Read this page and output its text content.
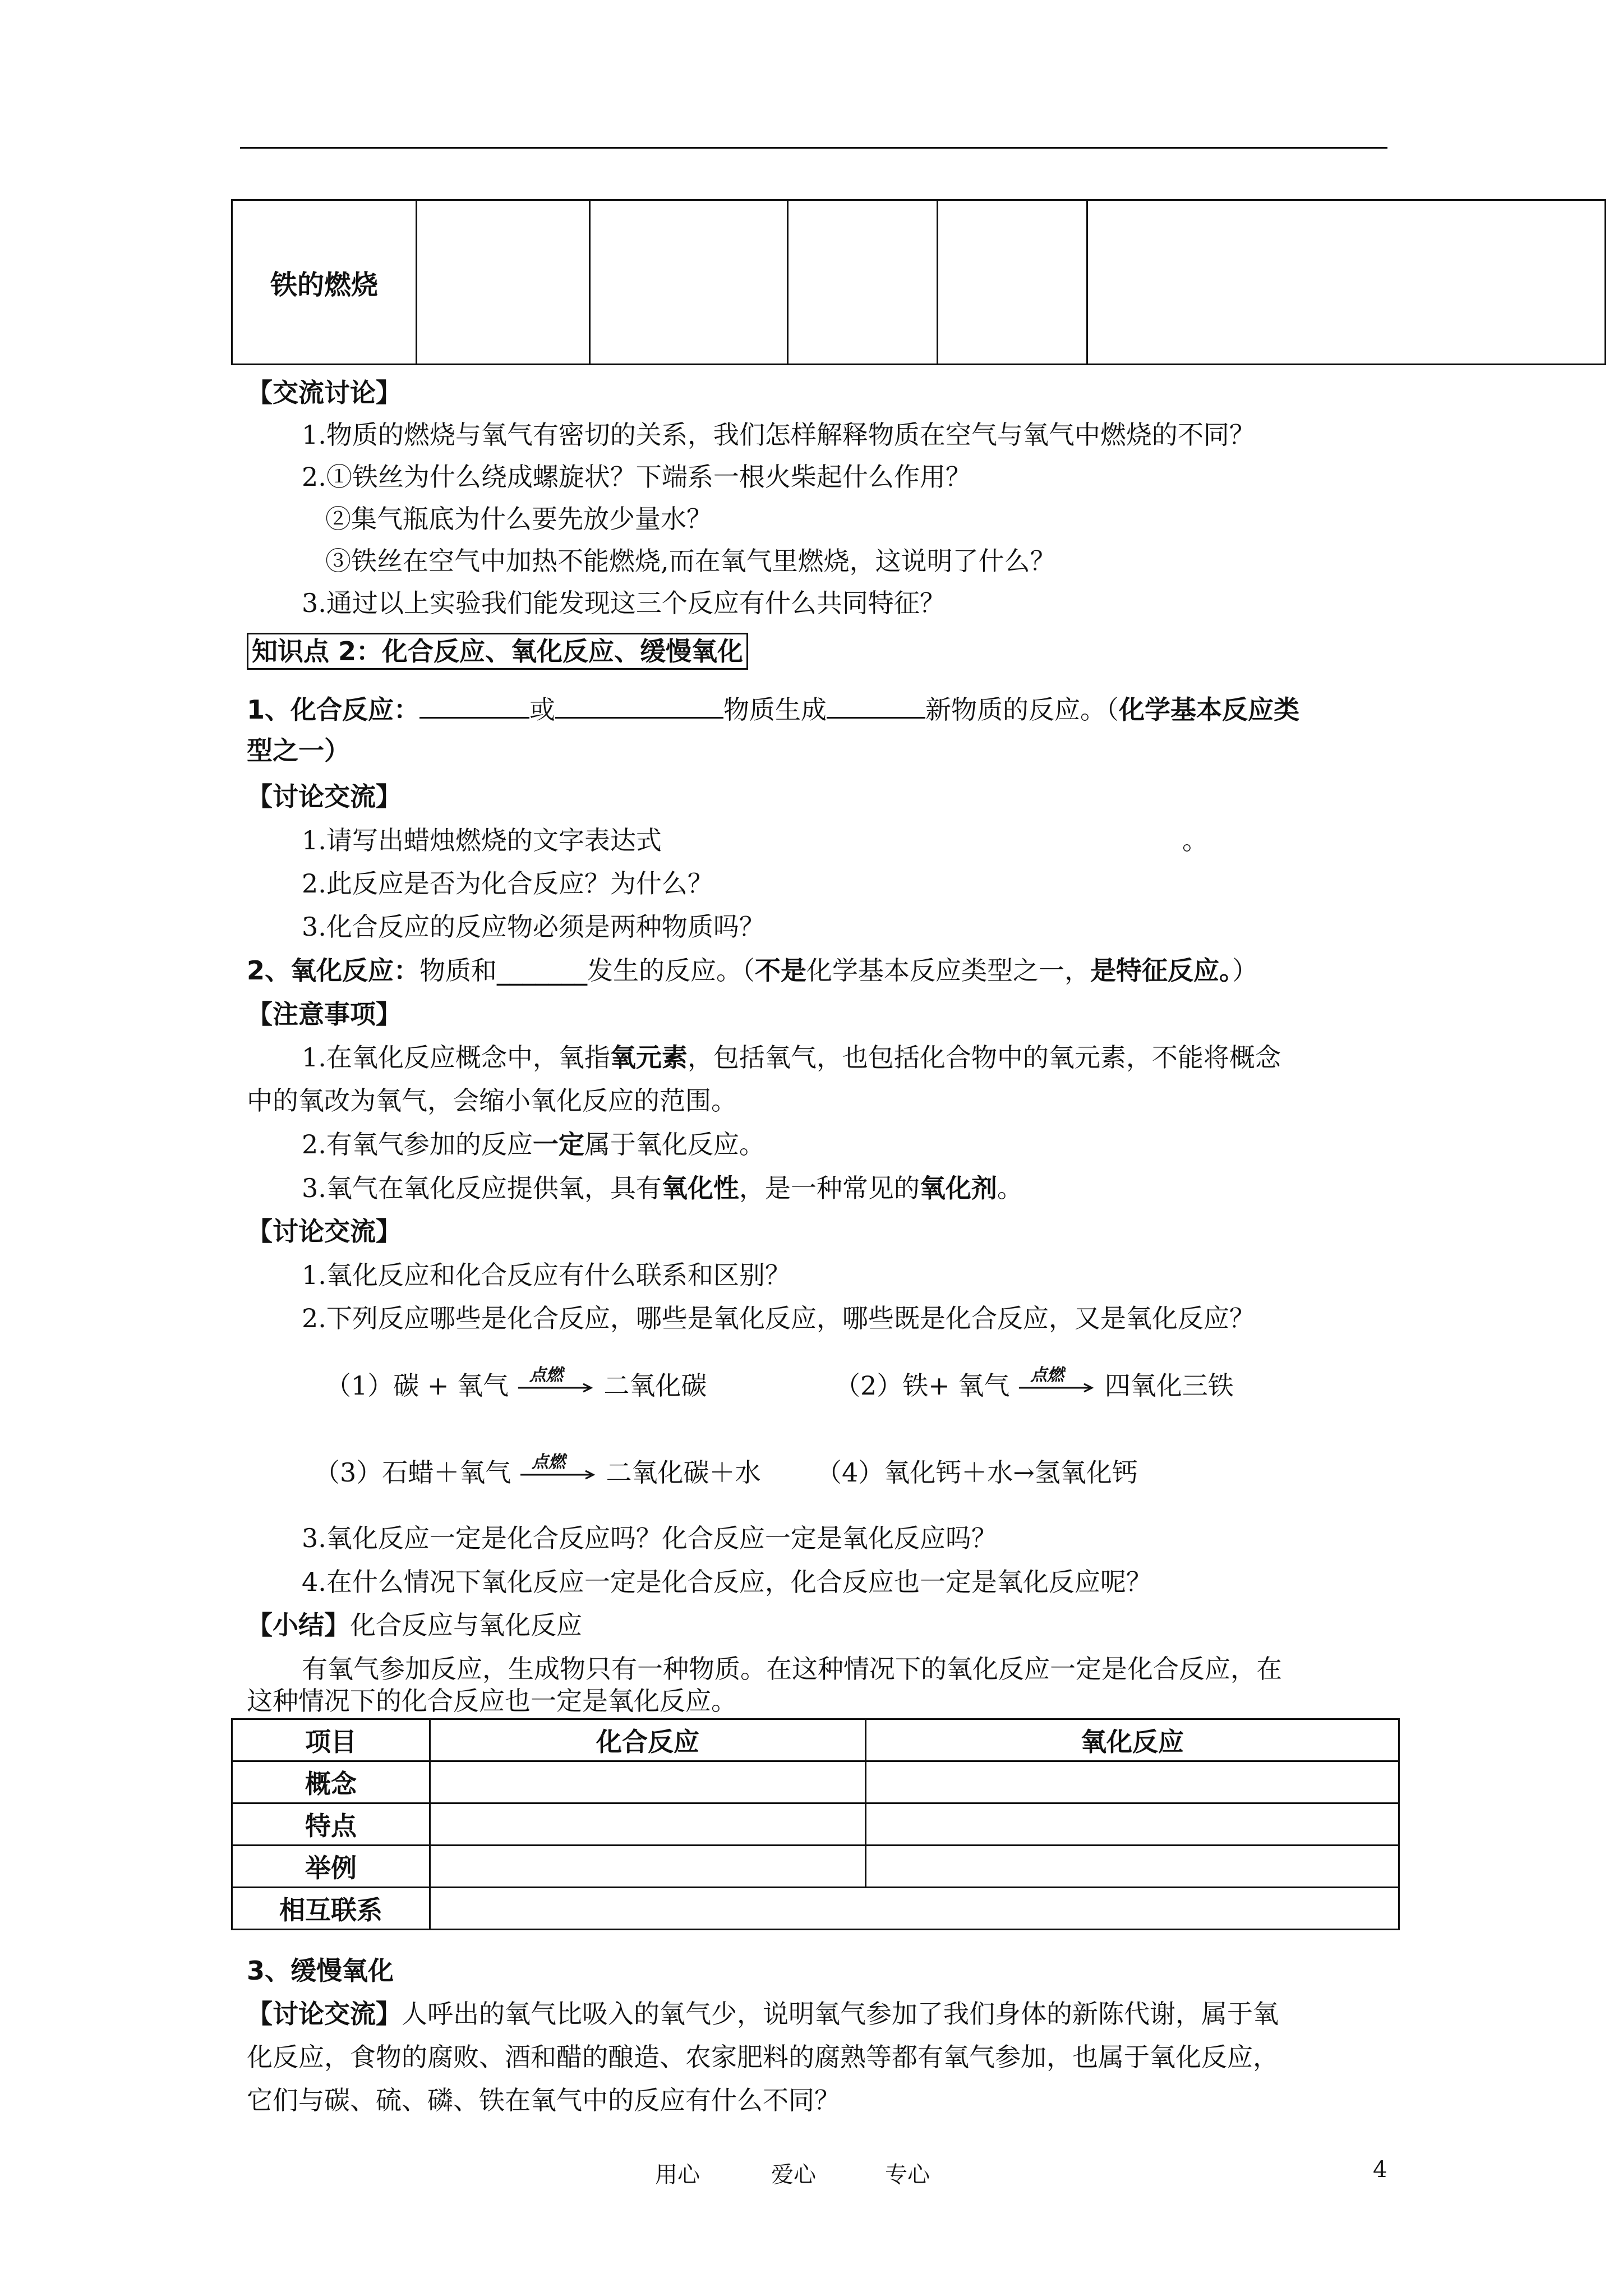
铁的燃烧					
【交流讨论】
1.物质的燃烧与氧气有密切的关系，我们怎样解释物质在空气与氧气中燃烧的不同？
2.①铁丝为什么绕成螺旋状？下端系一根火柴起什么作用？
②集气瓶底为什么要先放少量水？
③铁丝在空气中加热不能燃烧,而在氧气里燃烧，这说明了什么？
3.通过以上实验我们能发现这三个反应有什么共同特征？
知识点 2：化合反应、氧化反应、缓慢氧化
1、化合反应：	或	物质生成	新物质的反应。（化学基本反应类
型之一）
【讨论交流】
1.请写出蜡烛燃烧的文字表达式	。
2.此反应是否为化合反应？为什么？
3.化合反应的反应物必须是两种物质吗？
2、氧化反应：物质和_______发生的反应。（不是化学基本反应类型之一，是特征反应。）
【注意事项】
1.在氧化反应概念中，氧指氧元素，包括氧气，也包括化合物中的氧元素，不能将概念
中的氧改为氧气，会缩小氧化反应的范围。
2.有氧气参加的反应一定属于氧化反应。
3.氧气在氧化反应提供氧，具有氧化性，是一种常见的氧化剂。
【讨论交流】
1.氧化反应和化合反应有什么联系和区别？
2.下列反应哪些是化合反应，哪些是氧化反应，哪些既是化合反应，又是氧化反应？
（1）碳 + 氧气 点燃 二氧化碳	（2）铁+ 氧气 点燃 四氧化三铁
（3）石蜡＋氧气 点燃 二氧化碳＋水 （4）氧化钙＋水→氢氧化钙
3.氧化反应一定是化合反应吗？化合反应一定是氧化反应吗？
4.在什么情况下氧化反应一定是化合反应，化合反应也一定是氧化反应呢？
【小结】化合反应与氧化反应
有氧气参加反应，生成物只有一种物质。在这种情况下的氧化反应一定是化合反应，在
这种情况下的化合反应也一定是氧化反应。
项目	化合反应	氧化反应
概念		
特点		
举例		
相互联系		
3、缓慢氧化
【讨论交流】人呼出的氧气比吸入的氧气少，说明氧气参加了我们身体的新陈代谢，属于氧
化反应，食物的腐败、酒和醋的酿造、农家肥料的腐熟等都有氧气参加，也属于氧化反应，
它们与碳、硫、磷、铁在氧气中的反应有什么不同？
用心	爱心	专心	4
